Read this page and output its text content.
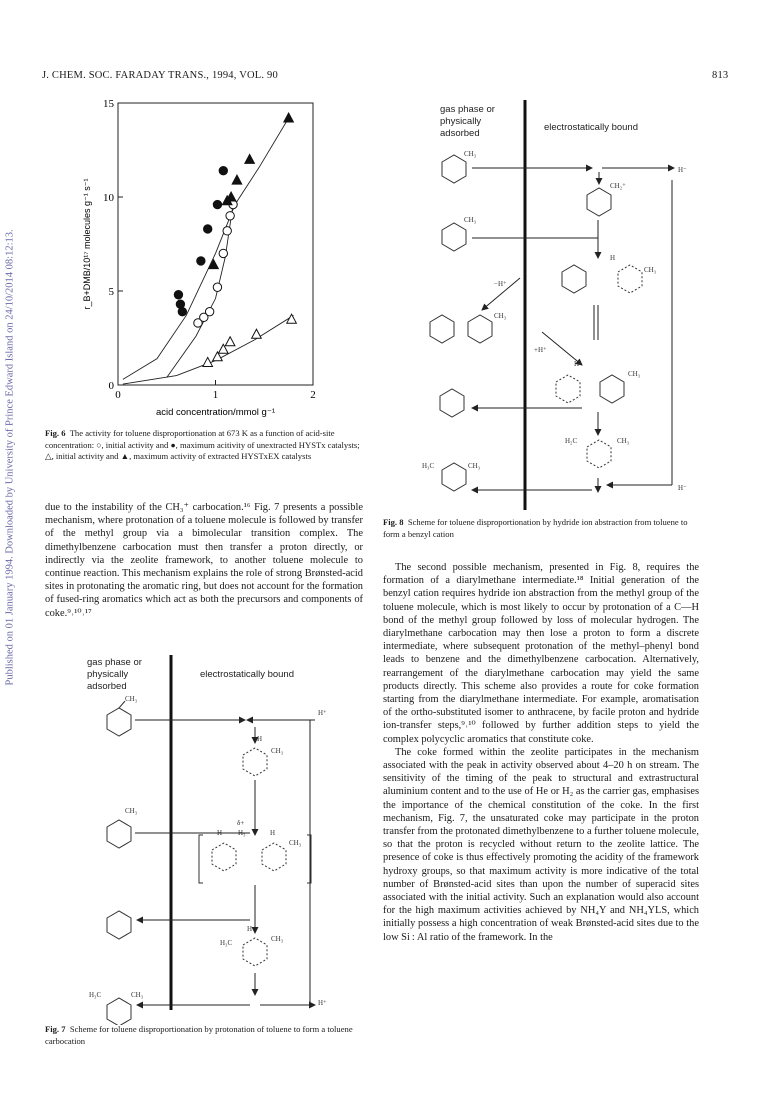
J. CHEM. SOC. FARADAY TRANS., 1994, VOL. 90	813
Published on 01 January 1994. Downloaded by University of Prince Edward Island on 24/10/2014 08:12:13.	0	1	2
0
5
10
15
acid concentration/mmol g⁻¹
r_B+DMB/10¹⁷ molecules g⁻¹ s⁻¹
Fig. 6 The activity for toluene disproportionation at 673 K as a function of acid-site concentration: ○, initial activity and ●, maximum acitivity of unextracted HYSTx catalysts; △, initial activity and ▲, maximum activity of extracted HYSTxEX catalysts
due to the instability of the CH₃⁺ carbocation.¹⁶ Fig. 7 presents a possible mechanism, where protonation of a toluene molecule is followed by transfer of the methyl group via a bimolecular transition complex. The dimethylbenzene carbocation must then transfer a proton directly, or indirectly via the zeolite framework, to another toluene molecule to continue reaction. This mechanism explains the role of strong Brønsted-acid sites in protonating the aromatic ring, but does not account for the formation of fused-ring aromatics which act as both the precursors and components of coke.⁹˒¹⁰˒¹⁷
gas phase or
physically
adsorbed
electrostatically bound
CH₃
H
CH₃
CH₃
δ+
H H₃	H
CH₃
H
H₃C	CH₃
H₃C	CH₃
H⁺
H⁺
Fig. 7 Scheme for toluene disproportionation by protonation of toluene to form a toluene carbocation
gas phase or
physically
adsorbed
electrostatically bound
CH₃
CH₂⁺
CH₃
−H⁺
H
CH₃
CH₃
+H⁺
H
CH₃
H₂C	CH₃
H₃C	CH₃
H⁻
H⁻
Fig. 8 Scheme for toluene disproportionation by hydride ion abstraction from toluene to form a benzyl cation
The second possible mechanism, presented in Fig. 8, requires the formation of a diarylmethane intermediate.¹⁸ Initial generation of the benzyl cation requires hydride ion abstraction from the methyl group of the toluene molecule, which is most likely to occur by protonation of a C—H bond of the methyl group followed by loss of molecular hydrogen. The diarylmethane carbocation may then lose a proton to form a discrete intermediate, where subsequent protonation of the methyl–phenyl bond leads to benzene and the dimethylbenzene carbocation. Alternatively, rearrangement of the diarylmethane carbocation may yield the same products directly. This scheme also provides a route for coke formation starting from the diarylmethane intermediate. For example, aromatisation of the ortho-substituted isomer to anthracene, by facile proton and hydride ion-transfer steps,⁹˒¹⁰ followed by further addition steps to yield the complex polycyclic aromatics that constitute coke.
The coke formed within the zeolite participates in the mechanism associated with the peak in activity observed about 4–20 h on stream. The sensitivity of the timing of the peak to structural and extrastructural aluminium content and to the use of He or H₂ as the carrier gas, emphasises the importance of the chemical constitution of the coke. In the first mechanism, Fig. 7, the unsaturated coke may participate in the proton transfer from the protonated dimethylbenzene to a further toluene molecule, so that the proton is recycled without return to the zeolite lattice. The presence of coke is thus effectively promoting the acidity of the framework hydroxy groups, so that maximum activity is more indicative of the total number of Brønsted-acid sites than upon the number of superacid sites associated with the initial activity. Such an explanation would also account for the high maximum activities achieved by NH₄Y and NH₄YLS, which initially possess a high concentration of weak Brønsted-acid sites due to the low Si : Al ratio of the framework. In the
